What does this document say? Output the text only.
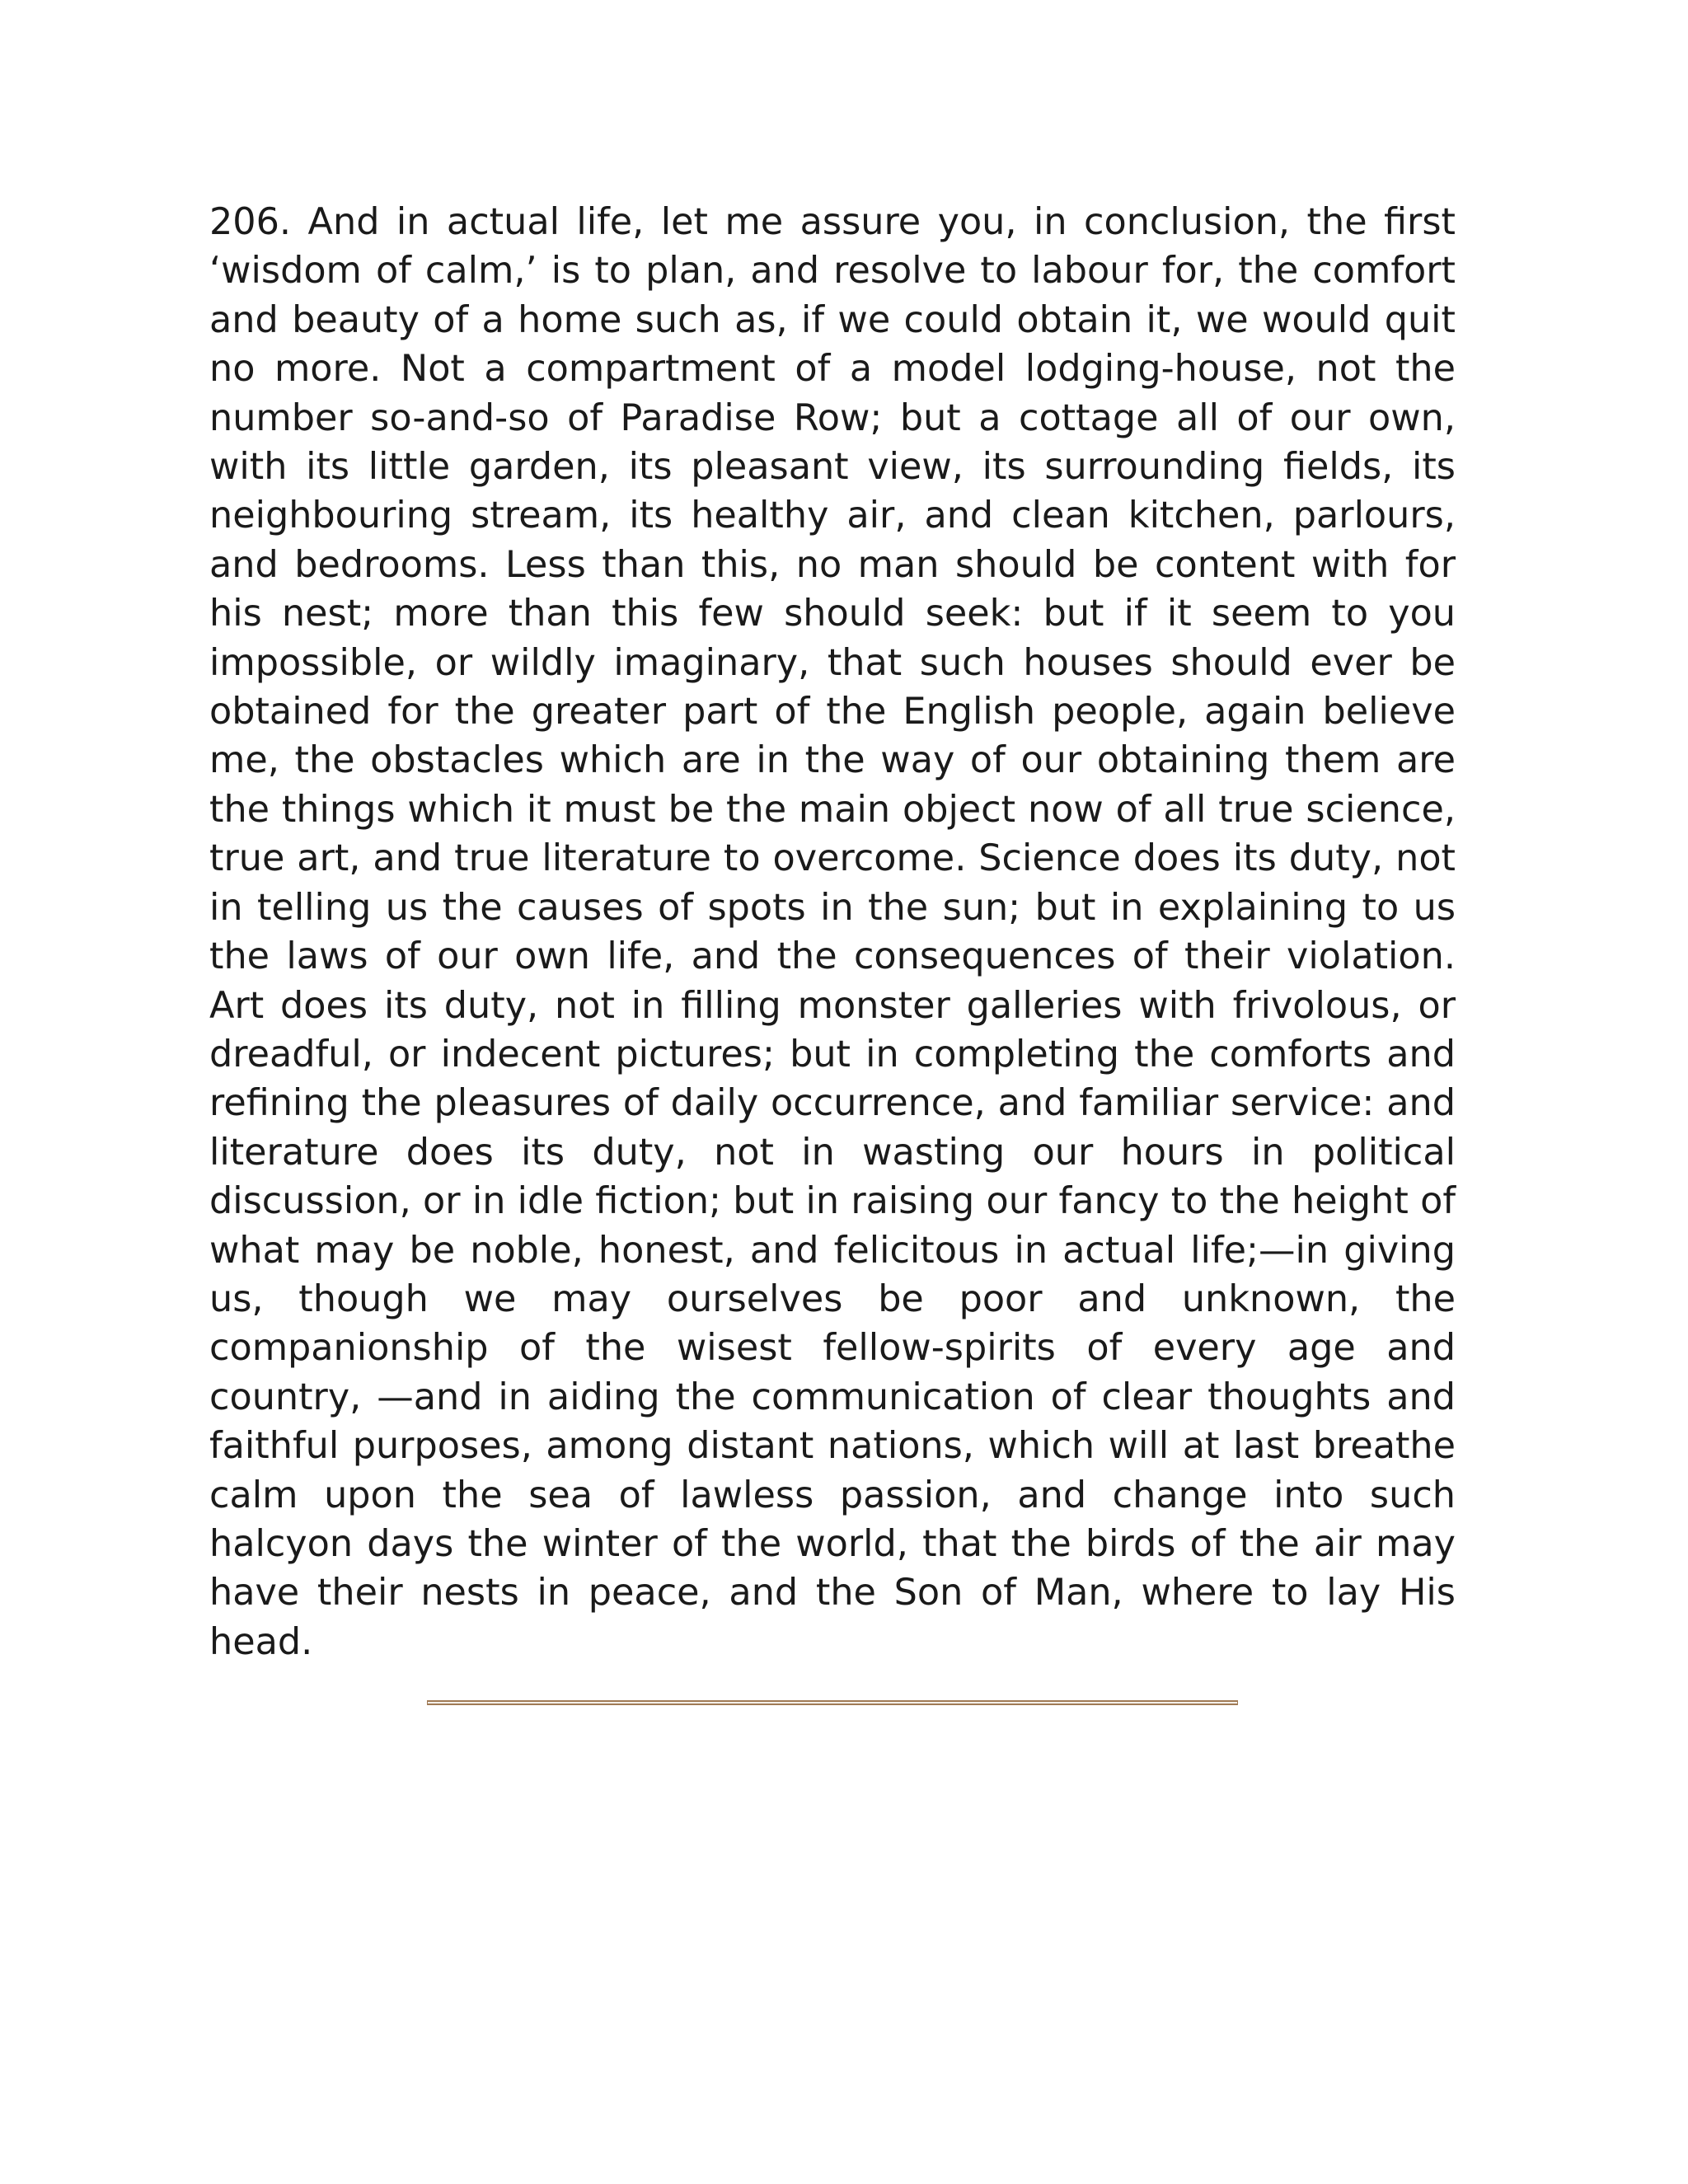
206. And in actual life, let me assure you, in conclusion, the first ‘wisdom of calm,’ is to plan, and resolve to labour for, the comfort and beauty of a home such as, if we could obtain it, we would quit no more. Not a compartment of a model lodging-house, not the number so-and-so of Paradise Row; but a cottage all of our own, with its little garden, its pleasant view, its surrounding fields, its neighbouring stream, its healthy air, and clean kitchen, parlours, and bedrooms. Less than this, no man should be content with for his nest; more than this few should seek: but if it seem to you impossible, or wildly imaginary, that such houses should ever be obtained for the greater part of the English people, again believe me, the obstacles which are in the way of our obtaining them are the things which it must be the main object now of all true science, true art, and true literature to overcome. Science does its duty, not in telling us the causes of spots in the sun; but in explaining to us the laws of our own life, and the consequences of their violation. Art does its duty, not in filling monster galleries with frivolous, or dreadful, or indecent pictures; but in completing the comforts and refining the pleasures of daily occurrence, and familiar service: and literature does its duty, not in wasting our hours in political discussion, or in idle fiction; but in raising our fancy to the height of what may be noble, honest, and felicitous in actual life;—in giving us, though we may ourselves be poor and unknown, the companionship of the wisest fellow-spirits of every age and country, —and in aiding the communication of clear thoughts and faithful purposes, among distant nations, which will at last breathe calm upon the sea of lawless passion, and change into such halcyon days the winter of the world, that the birds of the air may have their nests in peace, and the Son of Man, where to lay His head.
